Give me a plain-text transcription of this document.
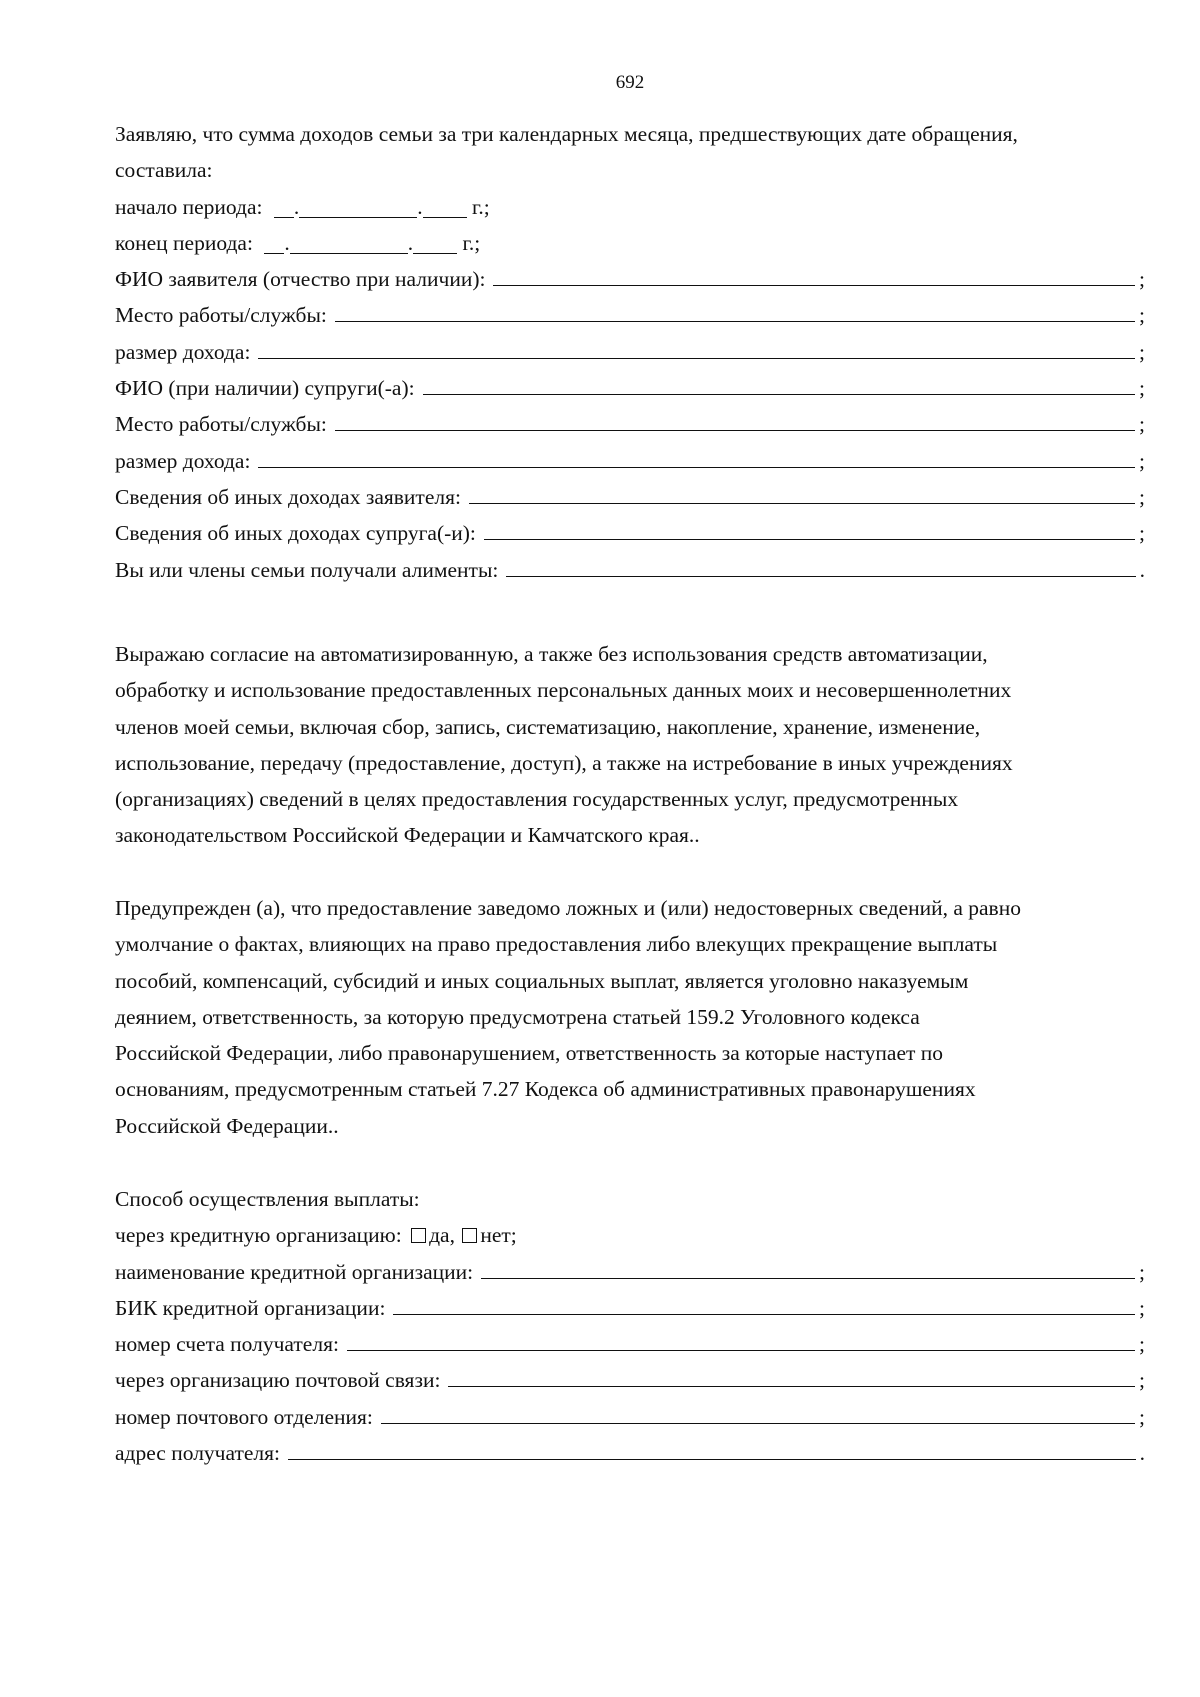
692
Заявляю, что сумма доходов семьи за три календарных месяца, предшествующих дате обращения,
составила:
начало периода: .	. г.;
конец периода: .	. г.;
ФИО заявителя (отчество при наличии):	;
Место работы/службы:	;
размер дохода:	;
ФИО (при наличии) супруги(-а):	;
Место работы/службы:	;
размер дохода:	;
Сведения об иных доходах заявителя:	;
Сведения об иных доходах супруга(-и):	;
Вы или члены семьи получали алименты:	.
Выражаю согласие на автоматизированную, а также без использования средств автоматизации,
обработку и использование предоставленных персональных данных моих и несовершеннолетних
членов моей семьи, включая сбор, запись, систематизацию, накопление, хранение, изменение,
использование, передачу (предоставление, доступ), а также на истребование в иных учреждениях
(организациях) сведений в целях предоставления государственных услуг, предусмотренных
законодательством Российской Федерации и Камчатского края..
Предупрежден (а), что предоставление заведомо ложных и (или) недостоверных сведений, а равно
умолчание о фактах, влияющих на право предоставления либо влекущих прекращение выплаты
пособий, компенсаций, субсидий и иных социальных выплат, является уголовно наказуемым
деянием, ответственность, за которую предусмотрена статьей 159.2 Уголовного кодекса
Российской Федерации, либо правонарушением, ответственность за которые наступает по
основаниям, предусмотренным статьей 7.27 Кодекса об административных правонарушениях
Российской Федерации..
Способ осуществления выплаты:
через кредитную организацию: да, нет;
наименование кредитной организации:	;
БИК кредитной организации:	;
номер счета получателя:	;
через организацию почтовой связи:	;
номер почтового отделения:	;
адрес получателя:	.
